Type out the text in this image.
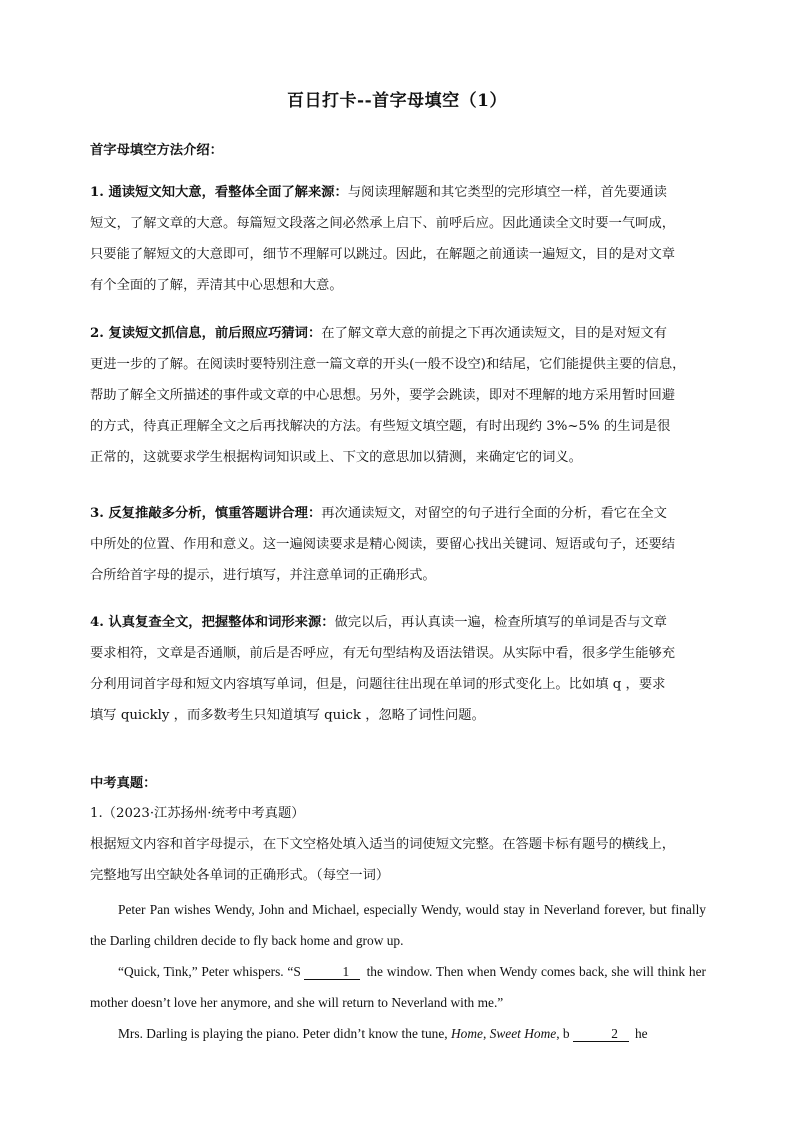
百日打卡--首字母填空（1）
首字母填空方法介绍：

1. 通读短文知大意，看整体全面了解来源：与阅读理解题和其它类型的完形填空一样，首先要通读

短文，了解文章的大意。每篇短文段落之间必然承上启下、前呼后应。因此通读全文时要一气呵成，

只要能了解短文的大意即可，细节不理解可以跳过。因此，在解题之前通读一遍短文，目的是对文章

有个全面的了解，弄清其中心思想和大意。

2. 复读短文抓信息，前后照应巧猜词：在了解文章大意的前提之下再次通读短文，目的是对短文有

更进一步的了解。在阅读时要特别注意一篇文章的开头(一般不设空)和结尾，它们能提供主要的信息，

帮助了解全文所描述的事件或文章的中心思想。另外，要学会跳读，即对不理解的地方采用暂时回避

的方式，待真正理解全文之后再找解决的方法。有些短文填空题，有时出现约 3%~5% 的生词是很

正常的，这就要求学生根据构词知识或上、下文的意思加以猜测，来确定它的词义。

3. 反复推敲多分析，慎重答题讲合理：再次通读短文，对留空的句子进行全面的分析，看它在全文

中所处的位置、作用和意义。这一遍阅读要求是精心阅读，要留心找出关键词、短语或句子，还要结

合所给首字母的提示，进行填写，并注意单词的正确形式。

4. 认真复查全文，把握整体和词形来源：做完以后，再认真读一遍，检查所填写的单词是否与文章

要求相符，文章是否通顺，前后是否呼应，有无句型结构及语法错误。从实际中看，很多学生能够充

分利用词首字母和短文内容填写单词，但是，问题往往出现在单词的形式变化上。比如填 q ，要求

填写 quickly ，而多数考生只知道填写 quick ，忽略了词性问题。

中考真题：

1.（2023·江苏扬州·统考中考真题）

根据短文内容和首字母提示，在下文空格处填入适当的词使短文完整。在答题卡标有题号的横线上，

完整地写出空缺处各单词的正确形式。（每空一词）

Peter Pan wishes Wendy, John and Michael, especially Wendy, would stay in Neverland forever, but finally the Darling children decide to fly back home and grow up.

“Quick, Tink,” Peter whispers. “S	1 the window. Then when Wendy comes back, she will think her mother doesn’t love her anymore, and she will return to Neverland with me.”

Mrs. Darling is playing the piano. Peter didn’t know the tune, Home, Sweet Home, b	2 he
